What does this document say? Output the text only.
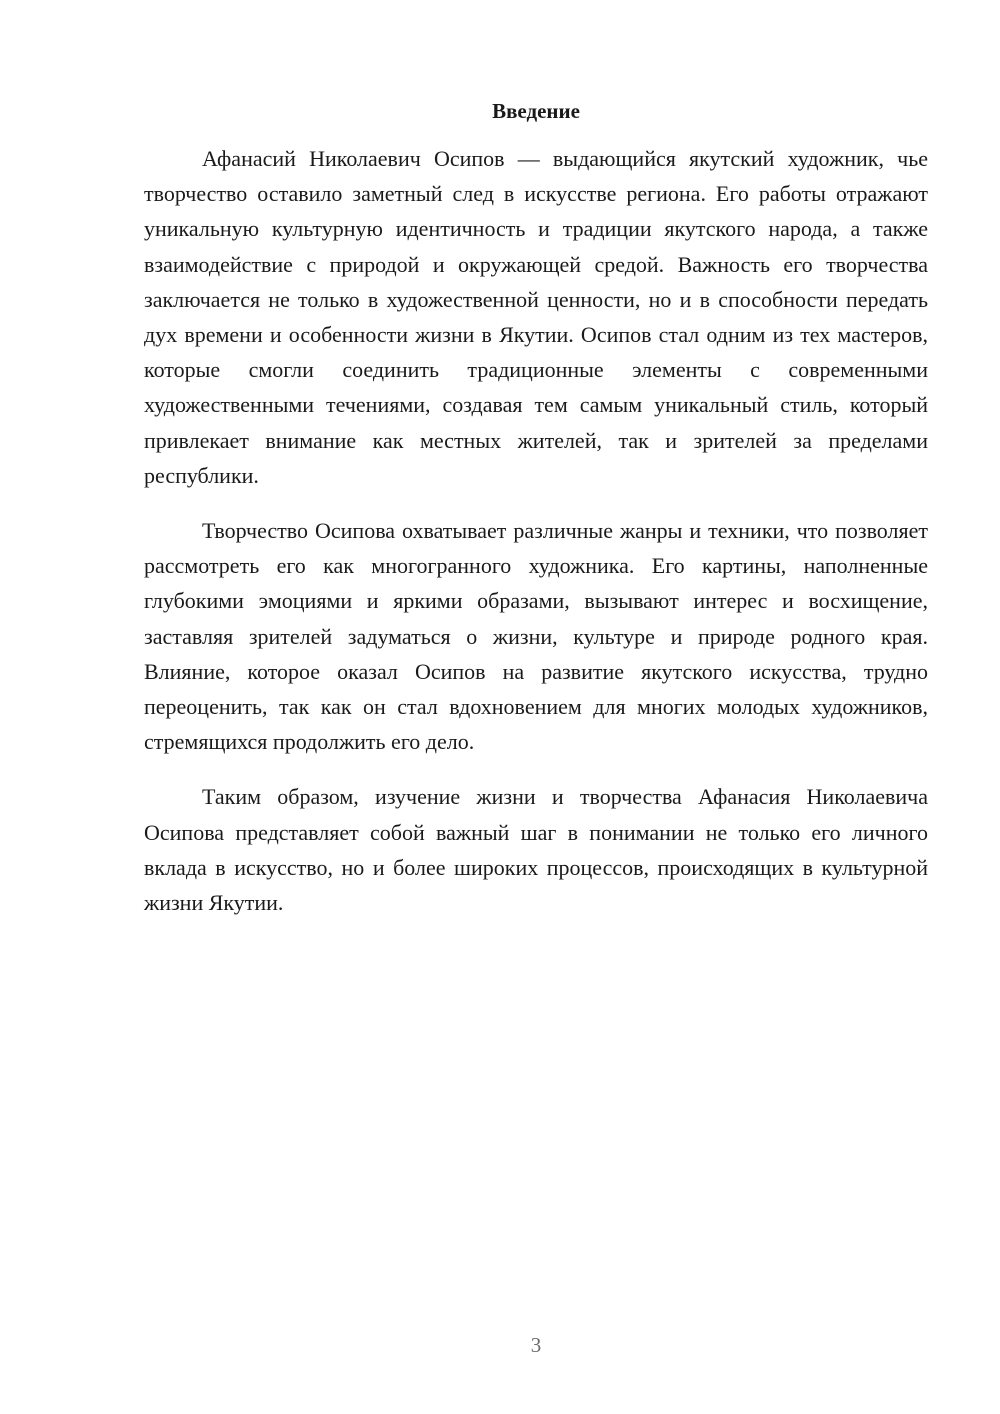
Введение

Афанасий Николаевич Осипов — выдающийся якутский художник, чье творчество оставило заметный след в искусстве региона. Его работы отражают уникальную культурную идентичность и традиции якутского народа, а также взаимодействие с природой и окружающей средой. Важность его творчества заключается не только в художественной ценности, но и в способности передать дух времени и особенности жизни в Якутии. Осипов стал одним из тех мастеров, которые смогли соединить традиционные элементы с современными художественными течениями, создавая тем самым уникальный стиль, который привлекает внимание как местных жителей, так и зрителей за пределами республики.

Творчество Осипова охватывает различные жанры и техники, что позволяет рассмотреть его как многогранного художника. Его картины, наполненные глубокими эмоциями и яркими образами, вызывают интерес и восхищение, заставляя зрителей задуматься о жизни, культуре и природе родного края. Влияние, которое оказал Осипов на развитие якутского искусства, трудно переоценить, так как он стал вдохновением для многих молодых художников, стремящихся продолжить его дело.

Таким образом, изучение жизни и творчества Афанасия Николаевича Осипова представляет собой важный шаг в понимании не только его личного вклада в искусство, но и более широких процессов, происходящих в культурной жизни Якутии.

3
